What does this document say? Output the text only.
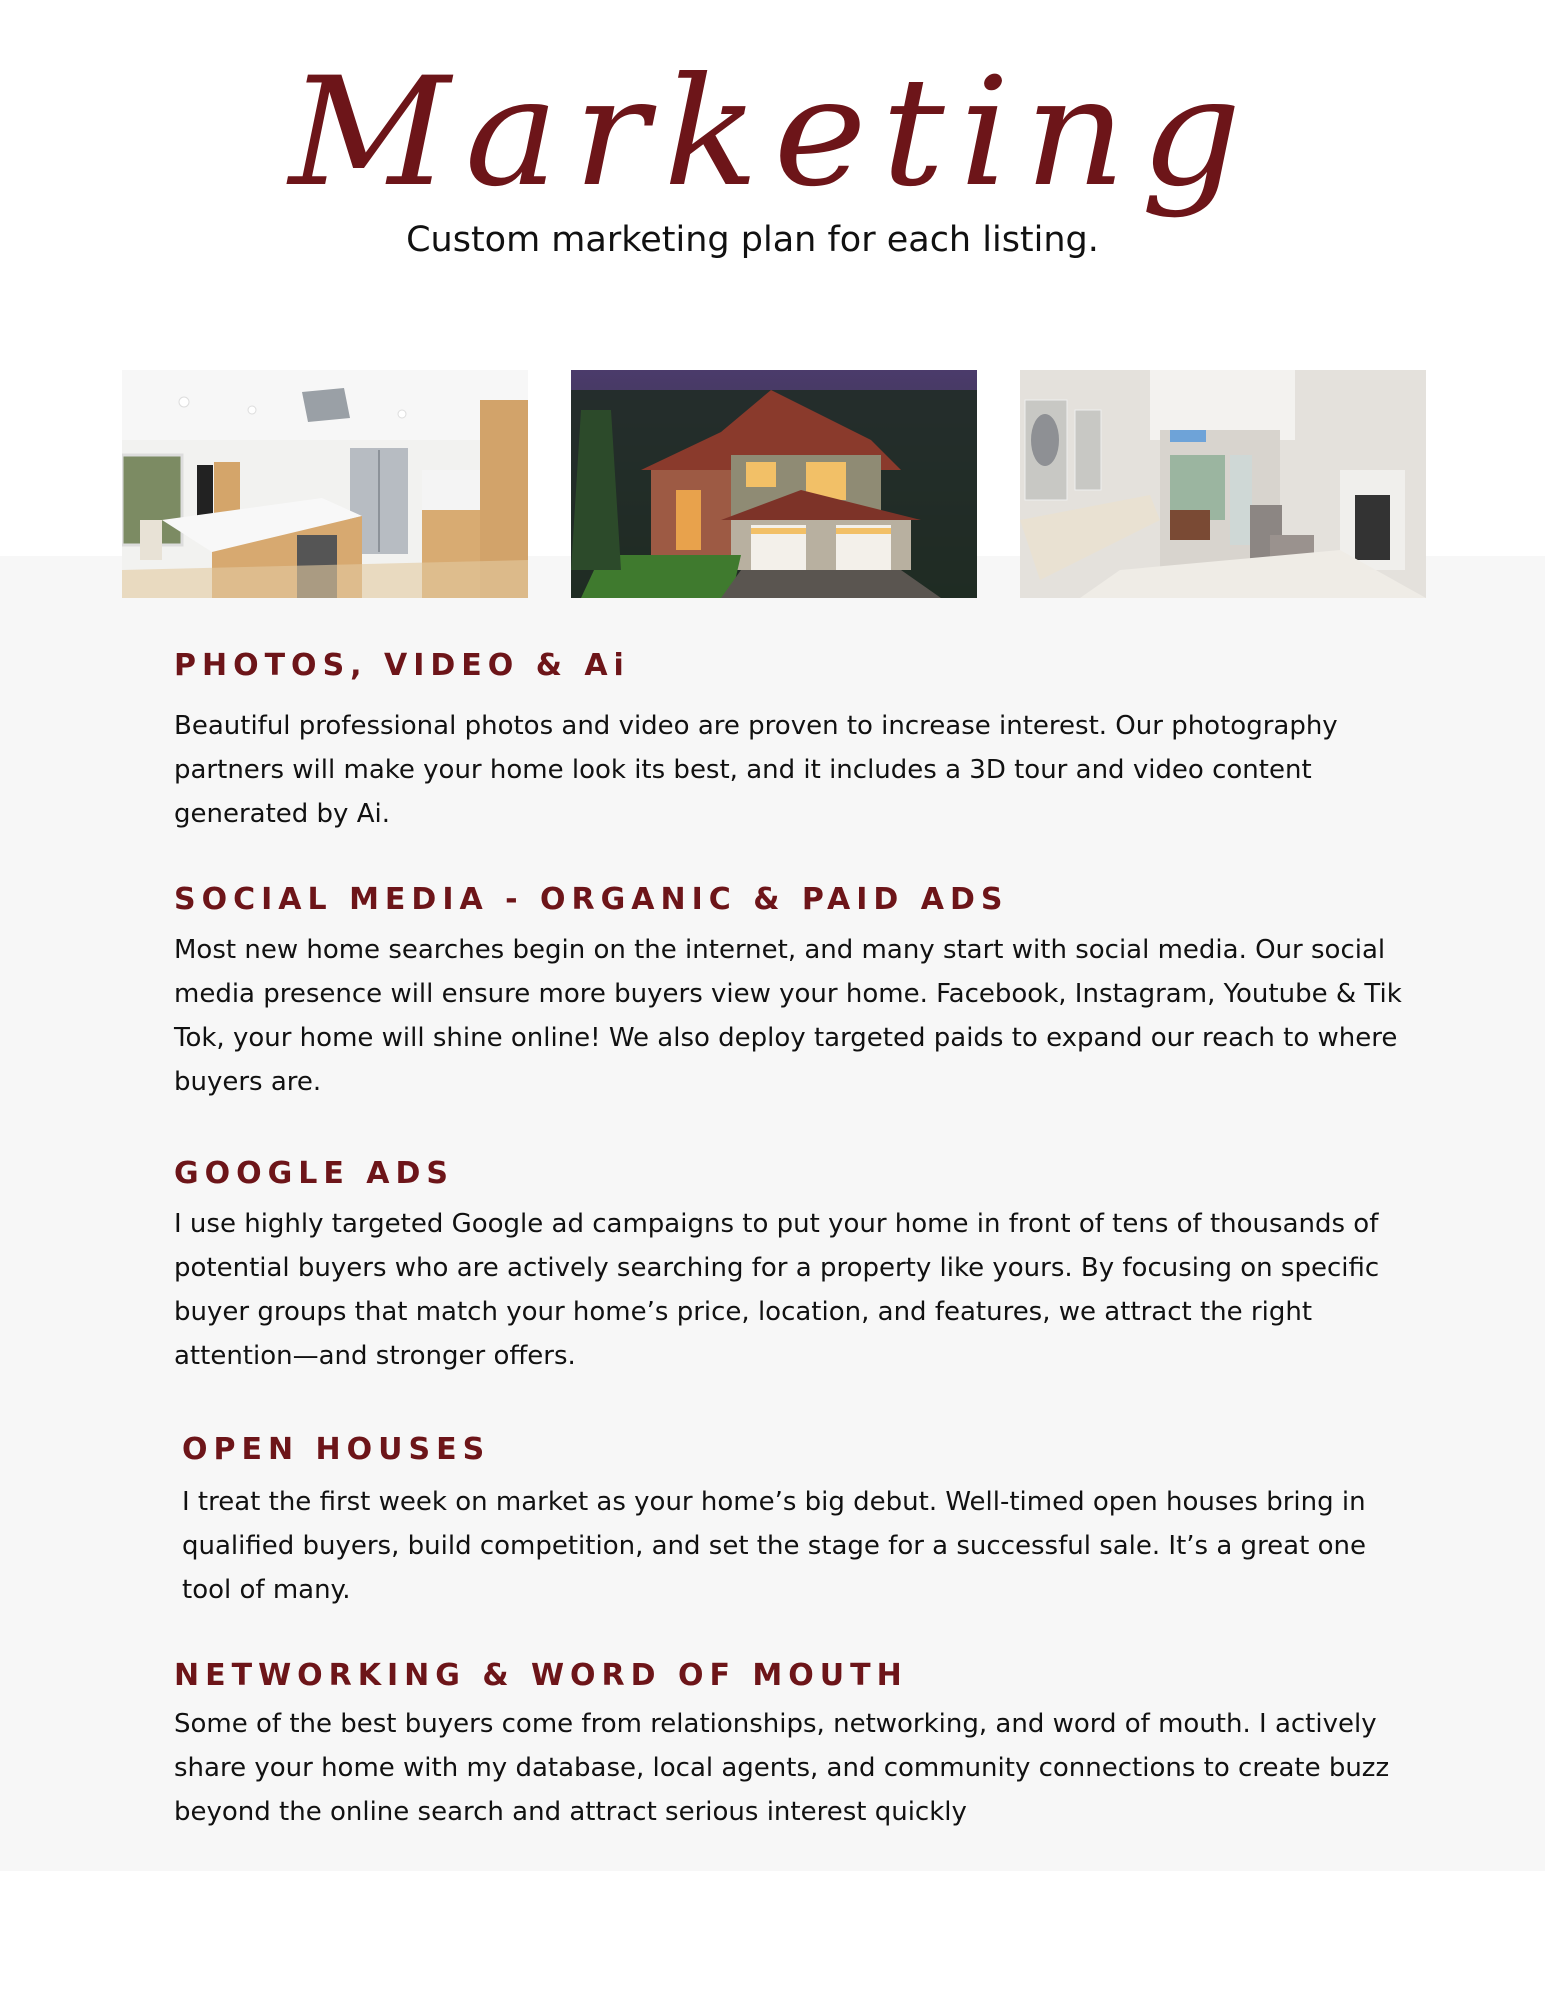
Marketing
Custom marketing plan for each listing.
PHOTOS, VIDEO & Ai

Beautiful professional photos and video are proven to increase interest. Our photography partners will make your home look its best, and it includes a 3D tour and video content generated by Ai.

SOCIAL MEDIA - ORGANIC & PAID ADS

Most new home searches begin on the internet, and many start with social media. Our social media presence will ensure more buyers view your home. Facebook, Instagram, Youtube & Tik Tok, your home will shine online! We also deploy targeted paids to expand our reach to where buyers are.

GOOGLE ADS

I use highly targeted Google ad campaigns to put your home in front of tens of thousands of potential buyers who are actively searching for a property like yours. By focusing on specific buyer groups that match your home’s price, location, and features, we attract the right attention—and stronger offers.

OPEN HOUSES

I treat the first week on market as your home’s big debut. Well-timed open houses bring in qualified buyers, build competition, and set the stage for a successful sale. It’s a great one tool of many.

NETWORKING & WORD OF MOUTH

Some of the best buyers come from relationships, networking, and word of mouth. I actively share your home with my database, local agents, and community connections to create buzz beyond the online search and attract serious interest quickly
